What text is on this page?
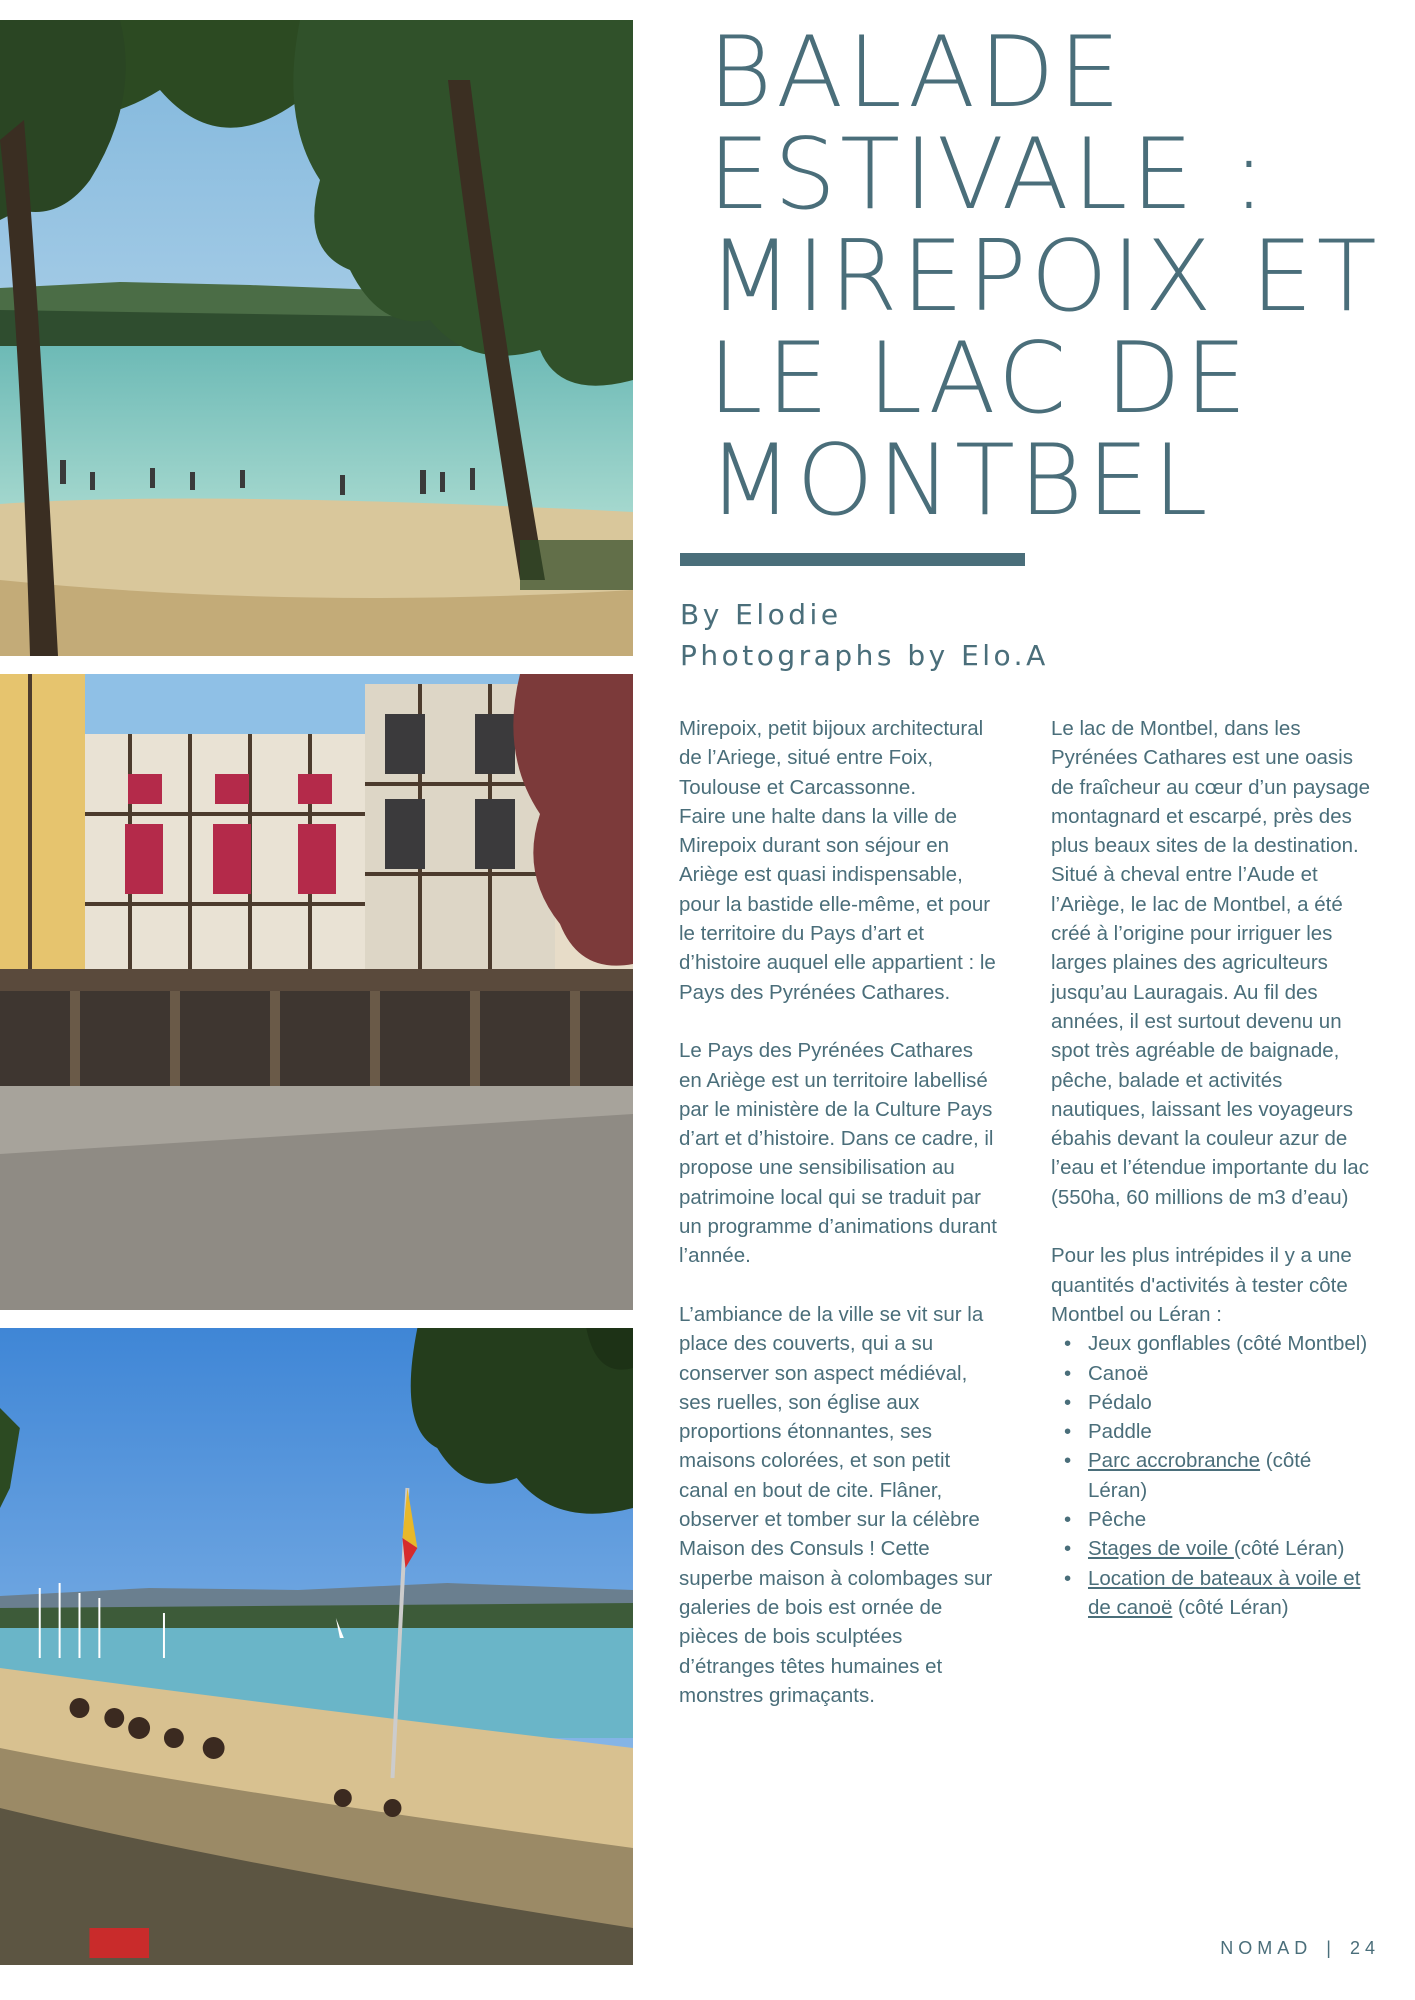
BALADE
ESTIVALE :
MIREPOIX ET
LE LAC DE
MONTBEL
By Elodie
Photographs by Elo.A

Mirepoix, petit bijoux architectural de l’Ariege, situé entre Foix, Toulouse et Carcassonne.

Faire une halte dans la ville de Mirepoix durant son séjour en Ariège est quasi indispensable, pour la bastide elle-même, et pour le territoire du Pays d’art et d’histoire auquel elle appartient : le Pays des Pyrénées Cathares.

Le Pays des Pyrénées Cathares en Ariège est un territoire labellisé par le ministère de la Culture Pays d’art et d’histoire. Dans ce cadre, il propose une sensibilisation au patrimoine local qui se traduit par un programme d’animations durant l’année.

L’ambiance de la ville se vit sur la place des couverts, qui a su conserver son aspect médiéval, ses ruelles, son église aux proportions étonnantes, ses maisons colorées, et son petit canal en bout de cite. Flâner, observer et tomber sur la célèbre Maison des Consuls ! Cette superbe maison à colombages sur galeries de bois est ornée de pièces de bois sculptées d’étranges têtes humaines et monstres grimaçants.

Le lac de Montbel, dans les Pyrénées Cathares est une oasis de fraîcheur au cœur d’un paysage montagnard et escarpé, près des plus beaux sites de la destination.

Situé à cheval entre l’Aude et l’Ariège, le lac de Montbel, a été créé à l’origine pour irriguer les larges plaines des agriculteurs jusqu’au Lauragais. Au fil des années, il est surtout devenu un spot très agréable de baignade, pêche, balade et activités nautiques, laissant les voyageurs ébahis devant la couleur azur de l’eau et l’étendue importante du lac (550ha, 60 millions de m3 d’eau)

Pour les plus intrépides il y a une quantités d'activités à tester côte Montbel ou Léran :

• Jeux gonflables (côté Montbel)
• Canoë
• Pédalo
• Paddle
• Parc accrobranche (côté Léran)
• Pêche
• Stages de voile (côté Léran)
• Location de bateaux à voile et de canoë (côté Léran)
NOMAD | 24
